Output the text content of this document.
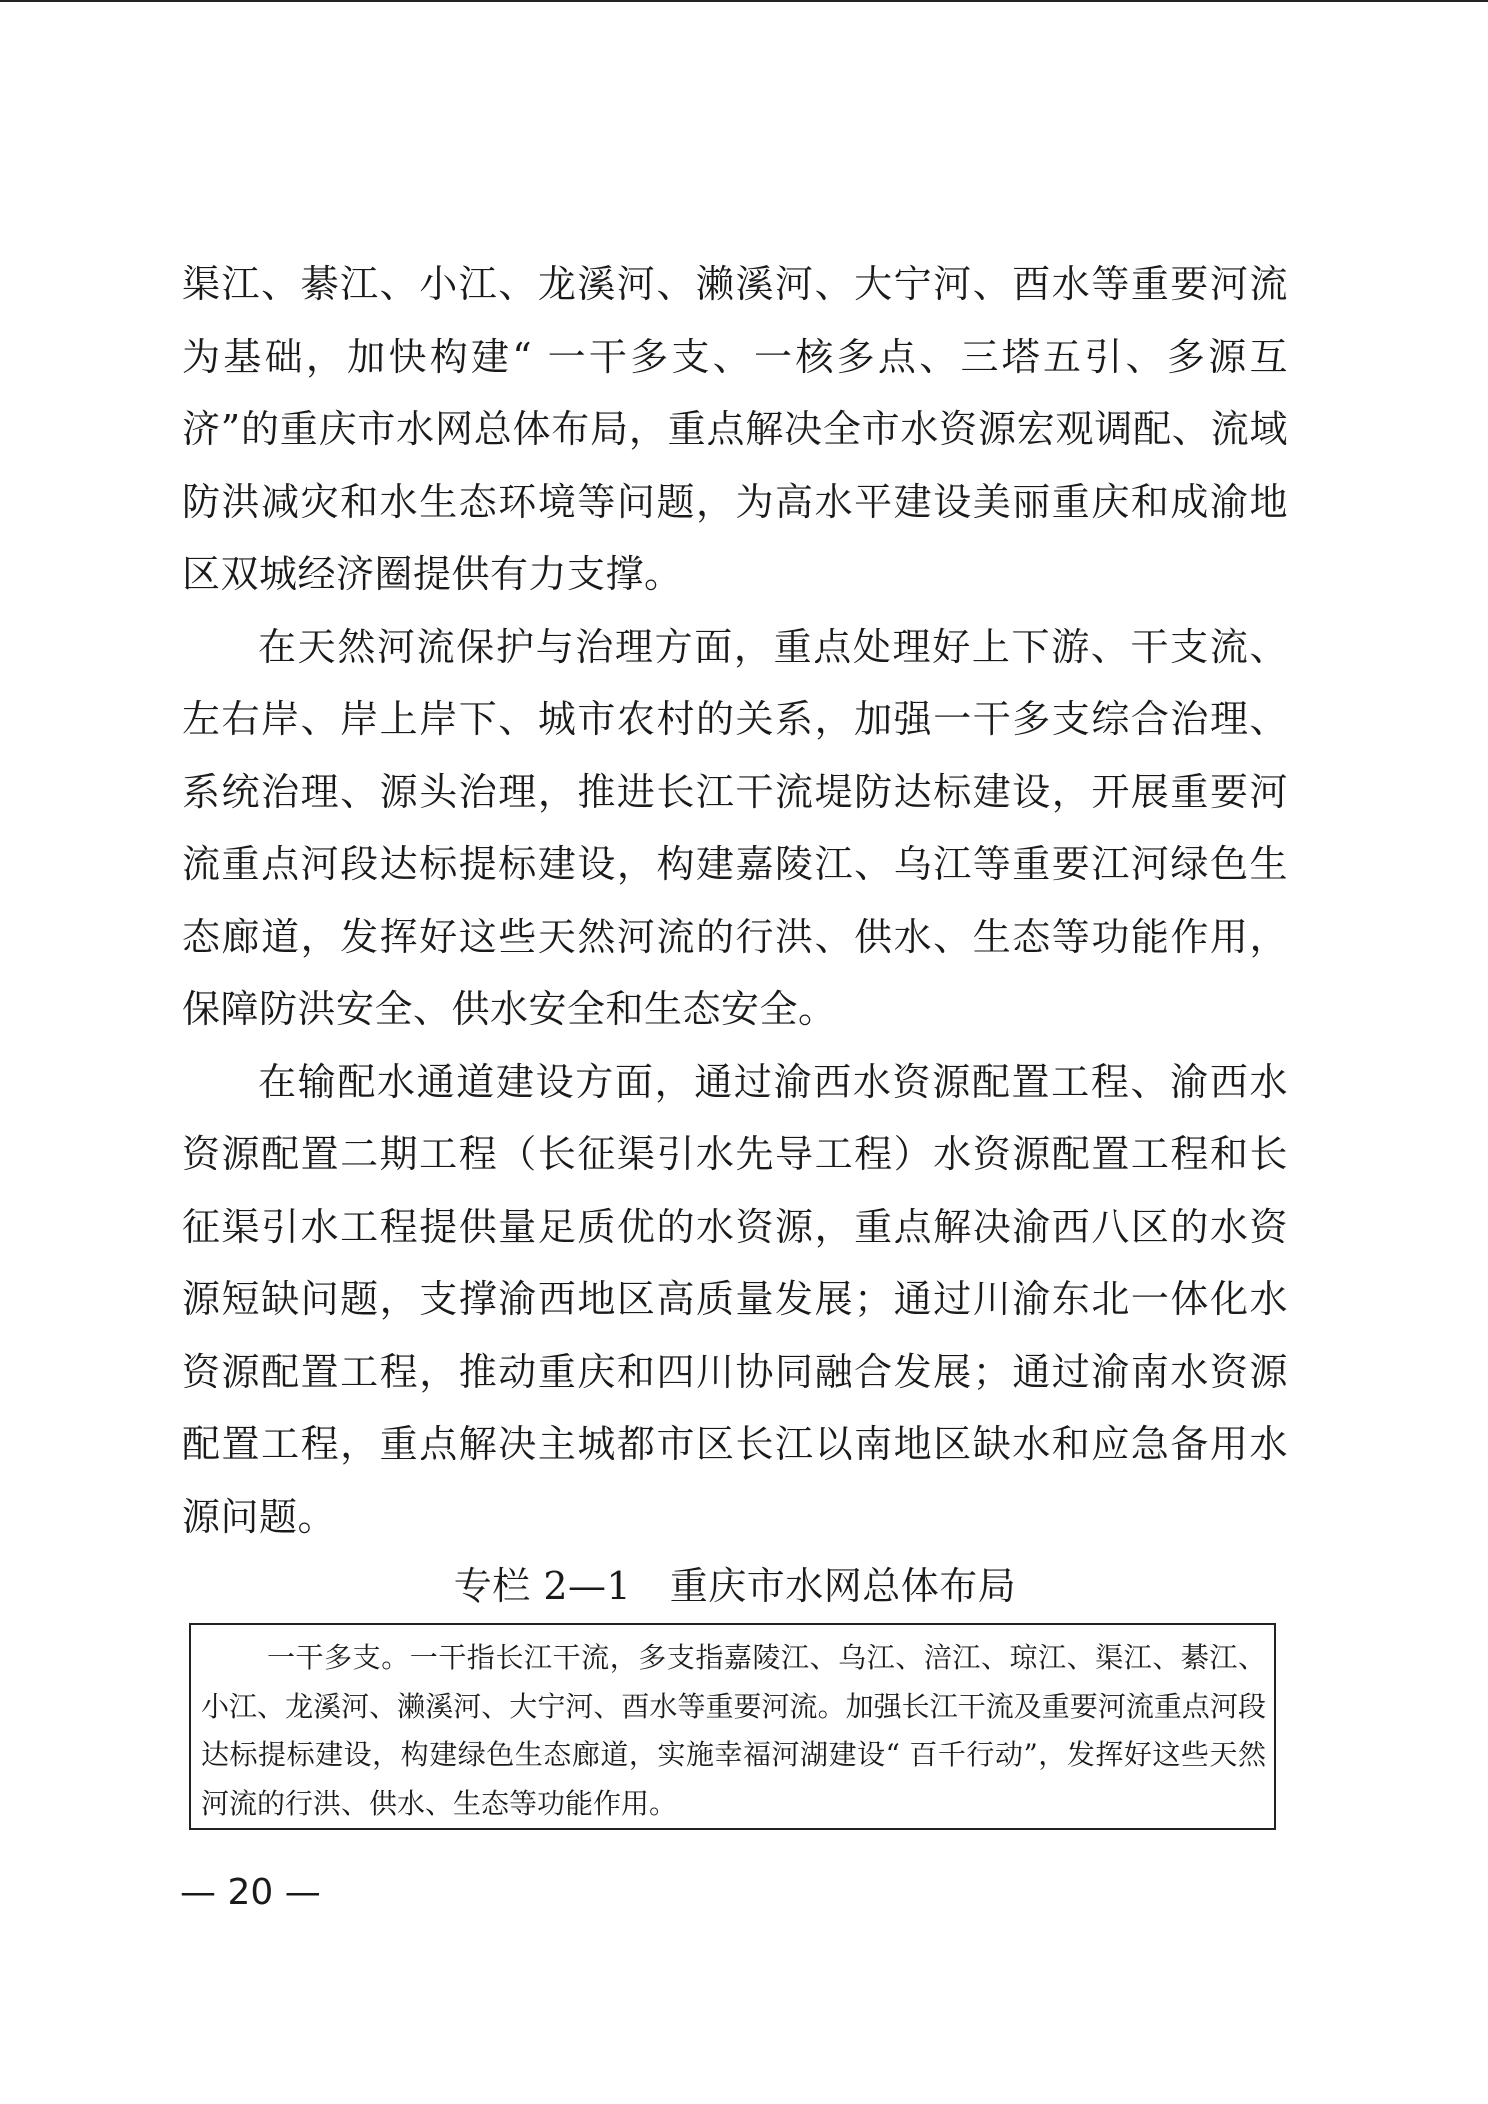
渠江、綦江、小江、龙溪河、濑溪河、大宁河、酉水等重要河流为基础，加快构建“ 一干多支、一核多点、三塔五引、多源互济”的重庆市水网总体布局，重点解决全市水资源宏观调配、流域防洪减灾和水生态环境等问题，为高水平建设美丽重庆和成渝地区双城经济圈提供有力支撑。

在天然河流保护与治理方面，重点处理好上下游、干支流、左右岸、岸上岸下、城市农村的关系，加强一干多支综合治理、系统治理、源头治理，推进长江干流堤防达标建设，开展重要河流重点河段达标提标建设，构建嘉陵江、乌江等重要江河绿色生态廊道，发挥好这些天然河流的行洪、供水、生态等功能作用，保障防洪安全、供水安全和生态安全。

在输配水通道建设方面，通过渝西水资源配置工程、渝西水资源配置二期工程（长征渠引水先导工程）水资源配置工程和长征渠引水工程提供量足质优的水资源，重点解决渝西八区的水资源短缺问题，支撑渝西地区高质量发展；通过川渝东北一体化水资源配置工程，推动重庆和四川协同融合发展；通过渝南水资源配置工程，重点解决主城都市区长江以南地区缺水和应急备用水源问题。

专栏 2—1　重庆市水网总体布局

一干多支。一干指长江干流，多支指嘉陵江、乌江、涪江、琼江、渠江、綦江、小江、龙溪河、濑溪河、大宁河、酉水等重要河流。加强长江干流及重要河流重点河段达标提标建设，构建绿色生态廊道，实施幸福河湖建设“ 百千行动”，发挥好这些天然河流的行洪、供水、生态等功能作用。

— 20 —
